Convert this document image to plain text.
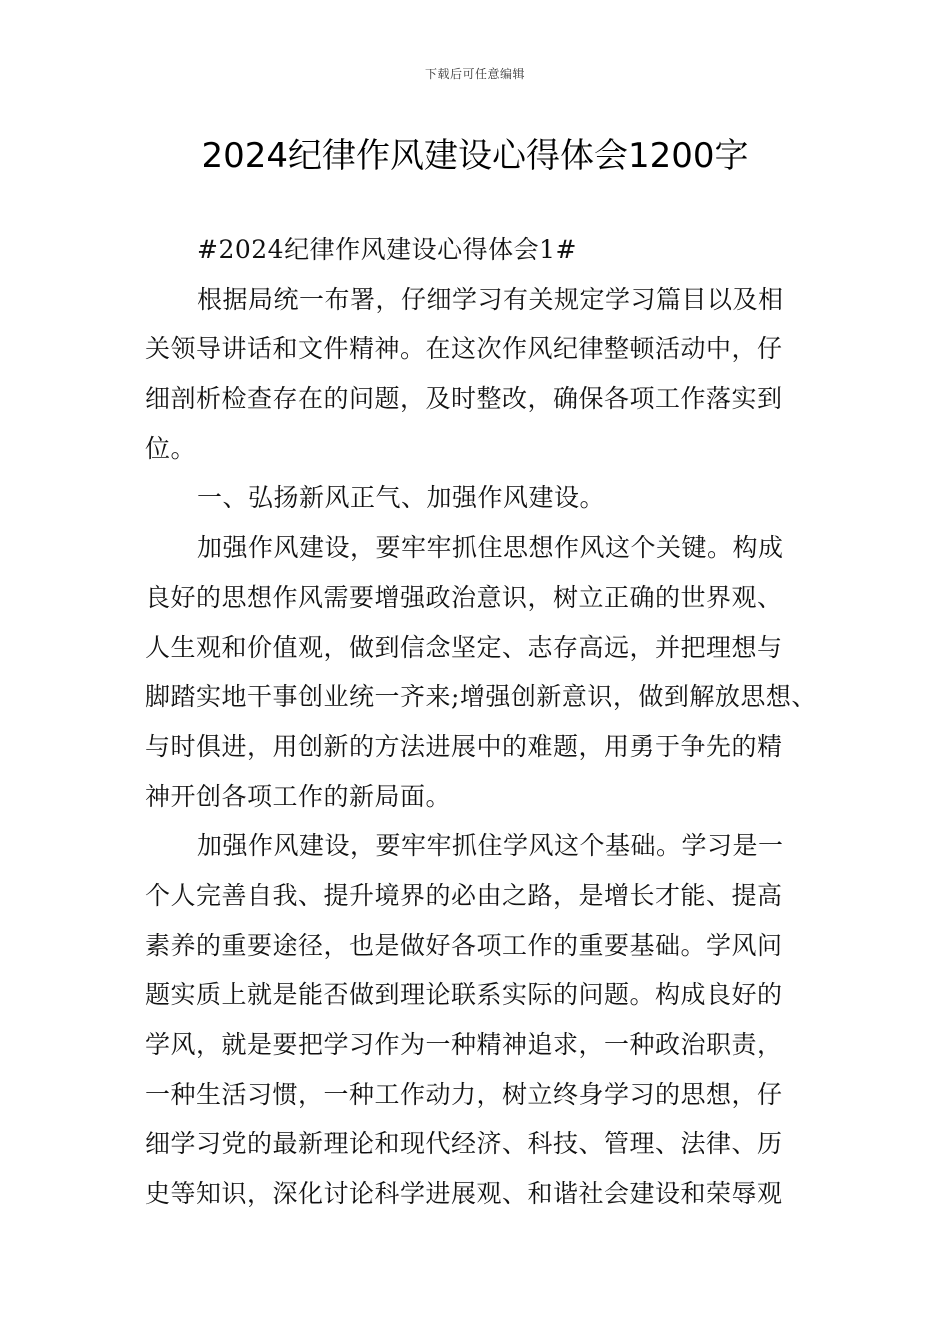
下载后可任意编辑
2024纪律作风建设心得体会1200字
#2024纪律作风建设心得体会1#
根据局统一布署，仔细学习有关规定学习篇目以及相
关领导讲话和文件精神。在这次作风纪律整顿活动中，仔
细剖析检查存在的问题，及时整改，确保各项工作落实到
位。
一、弘扬新风正气、加强作风建设。
加强作风建设，要牢牢抓住思想作风这个关键。构成
良好的思想作风需要增强政治意识，树立正确的世界观、
人生观和价值观，做到信念坚定、志存高远，并把理想与
脚踏实地干事创业统一齐来;增强创新意识，做到解放思想、
与时俱进，用创新的方法进展中的难题，用勇于争先的精
神开创各项工作的新局面。
加强作风建设，要牢牢抓住学风这个基础。学习是一
个人完善自我、提升境界的必由之路，是增长才能、提高
素养的重要途径，也是做好各项工作的重要基础。学风问
题实质上就是能否做到理论联系实际的问题。构成良好的
学风，就是要把学习作为一种精神追求，一种政治职责，
一种生活习惯，一种工作动力，树立终身学习的思想，仔
细学习党的最新理论和现代经济、科技、管理、法律、历
史等知识，深化讨论科学进展观、和谐社会建设和荣辱观
